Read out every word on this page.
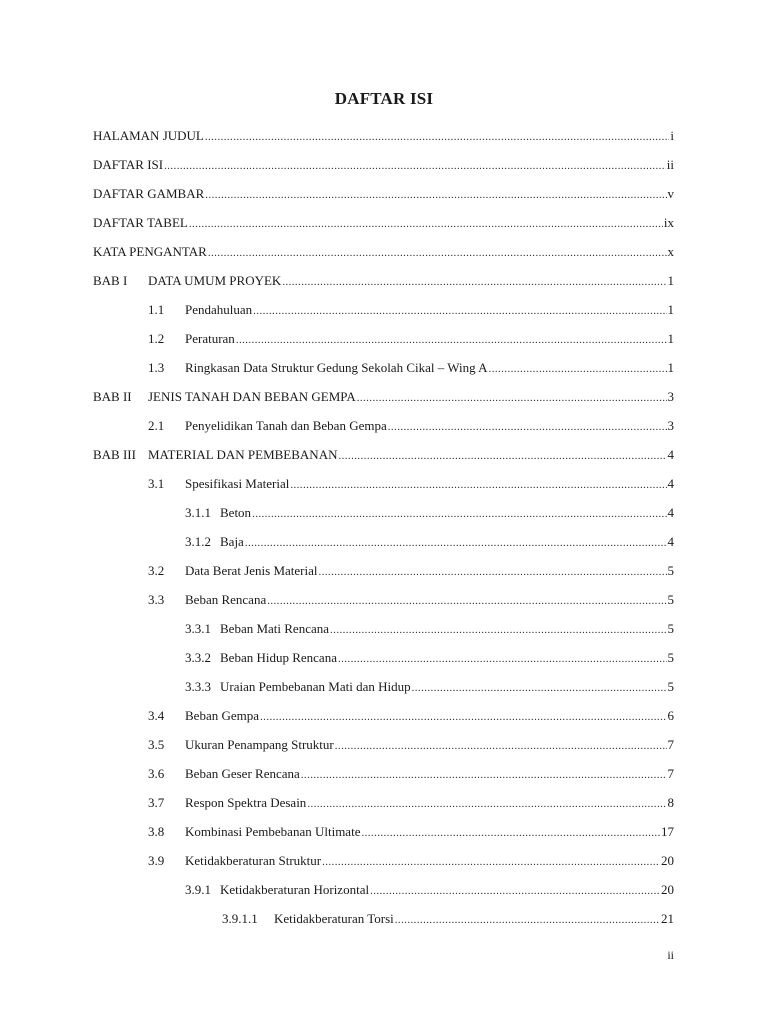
DAFTAR ISI
HALAMAN JUDUL .....	i
DAFTAR ISI .....	ii
DAFTAR GAMBAR .....	v
DAFTAR TABEL .....	ix
KATA PENGANTAR .....	x
BAB I	DATA UMUM PROYEK .....	1
1.1	Pendahuluan .....	1
1.2	Peraturan .....	1
1.3	Ringkasan Data Struktur Gedung Sekolah Cikal – Wing A .....	1
BAB II	JENIS TANAH DAN BEBAN GEMPA .....	3
2.1	Penyelidikan Tanah dan Beban Gempa .....	3
BAB III MATERIAL DAN PEMBEBANAN .....	4
3.1	Spesifikasi Material .....	4
3.1.1 Beton .....	4
3.1.2 Baja .....	4
3.2	Data Berat Jenis Material .....	5
3.3	Beban Rencana .....	5
3.3.1 Beban Mati Rencana .....	5
3.3.2 Beban Hidup Rencana .....	5
3.3.3 Uraian Pembebanan Mati dan Hidup .....	5
3.4	Beban Gempa .....	6
3.5	Ukuran Penampang Struktur .....	7
3.6	Beban Geser Rencana .....	7
3.7	Respon Spektra Desain .....	8
3.8	Kombinasi Pembebanan Ultimate .....	17
3.9	Ketidakberaturan Struktur .....	20
3.9.1 Ketidakberaturan Horizontal .....	20
3.9.1.1	Ketidakberaturan Torsi .....	21
ii
